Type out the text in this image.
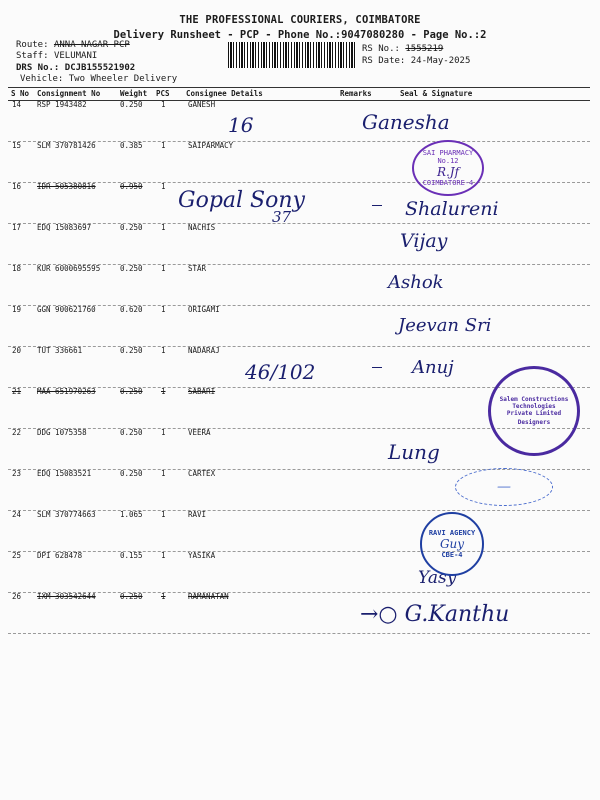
THE PROFESSIONAL COURIERS, COIMBATORE
Delivery Runsheet - PCP - Phone No.:9047080280 - Page No.:2
Route: ANNA NAGAR PCP
Staff: VELUMANI
DRS No.: DCJB155521902
Vehicle: Two Wheeler Delivery
RS No.: 1555219
RS Date: 24-May-2025
S No Consignment No	Weight PCS Consignee Details	Remarks	Seal & Signature
14	RSP 1943482	0.250	1	GANESH
15	SLM 370781426	0.385	1	SAIPARMACY
16	IDR 505380816	0.950	1
17	EDQ 15083697	0.250	1	NACHIS
18	KUR 6000695595	0.250	1	STAR
19	GGN 900621760	0.620	1	ORIGAMI
20	TUT 336661	0.250	1	NADARAJ
21	MAA 651970263	0.250	1	SABARI
22	DDG 1075358	0.250	1	VEERA
23	EDQ 15083521	0.250	1	CARTEX
24	SLM 370774663	1.065	1	RAVI
25	DPI 628478	0.155	1	YASIKA
26	IXM 303542644	0.250	1	RAMANATAN
16
Gopal Sony
37
46/102
Ganesha
Shalureni
Vijay
Ashok
Jeevan Sri
Anuj
Lung
Yasy
→○ G.Kanthu
SAI PHARMACY
No.12
R.Jf
COIMBATORE-4
Salem Constructions Technologies Private Limited
Designers
—
RAVI AGENCY
Guy
CBE-4
